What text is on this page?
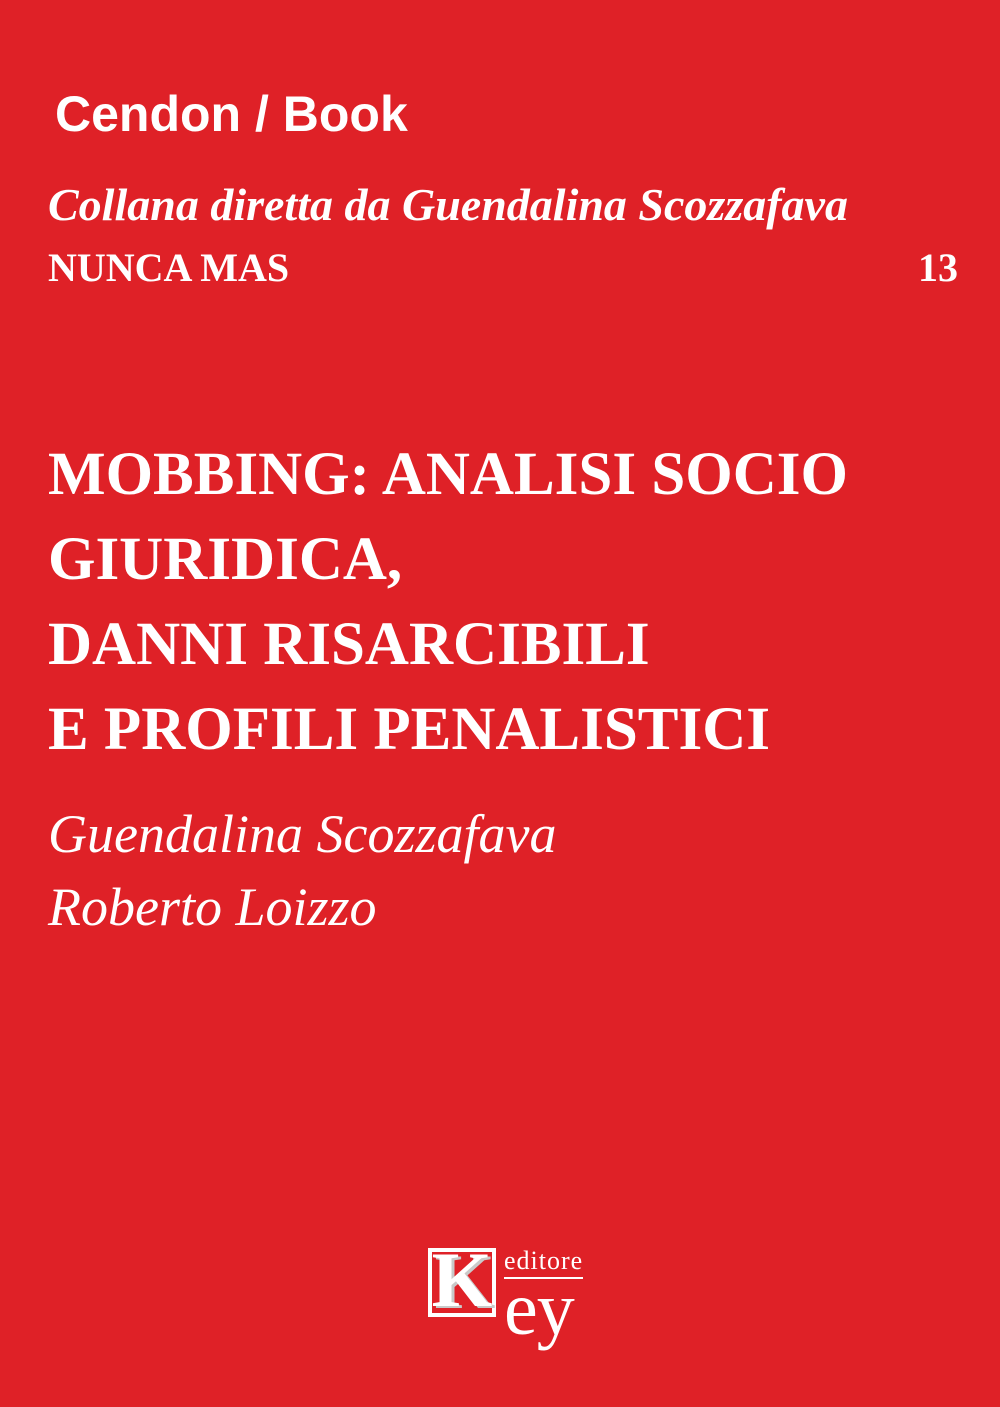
Cendon / Book
Collana diretta da Guendalina Scozzafava
NUNCA MAS	13
MOBBING: ANALISI SOCIO
GIURIDICA,
DANNI RISARCIBILI
E PROFILI PENALISTICI
Guendalina Scozzafava
Roberto Loizzo
K editore
ey
